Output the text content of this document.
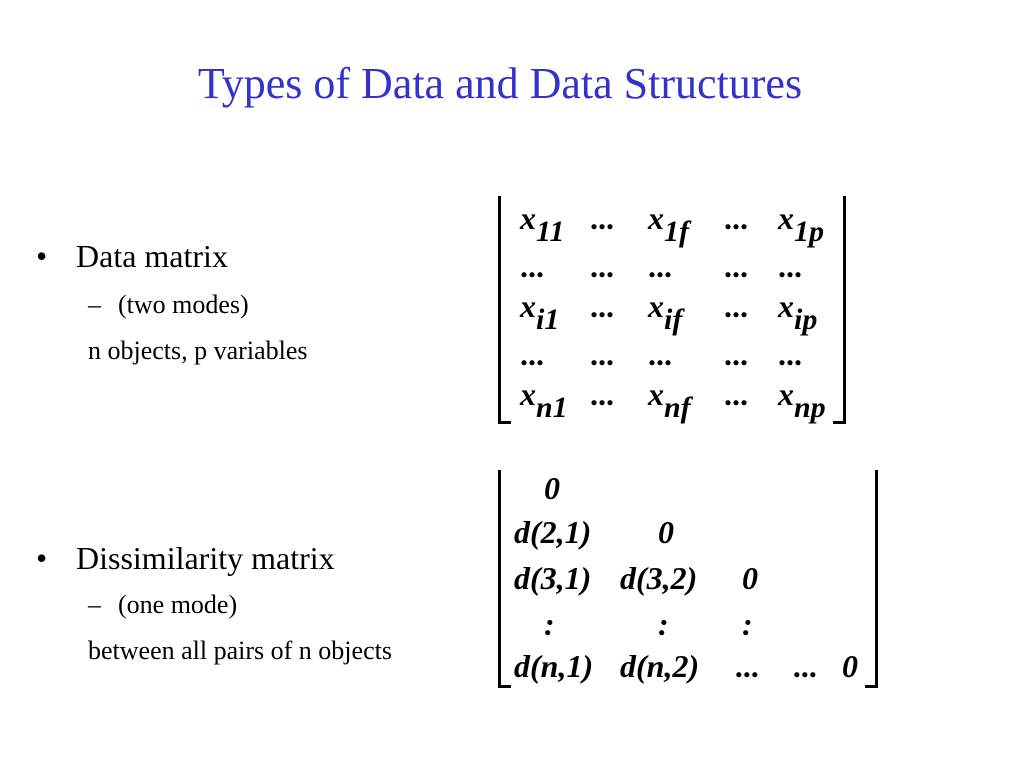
Types of Data and Data Structures
• Data matrix
– (two modes)
n objects, p variables
• Dissimilarity matrix
– (one mode)
between all pairs of n objects
$x_{11}$ ... $x_{1f}$ ... $x_{1p}$
... ... ... ... ...
$x_{i1}$ ... $x_{if}$ ... $x_{ip}$
... ... ... ... ...
$x_{n1}$ ... $x_{nf}$ ... $x_{np}$
0
d(2,1) 0
d(3,1) d(3,2) 0
:	: :
d(n,1) d(n,2) ... ... 0
